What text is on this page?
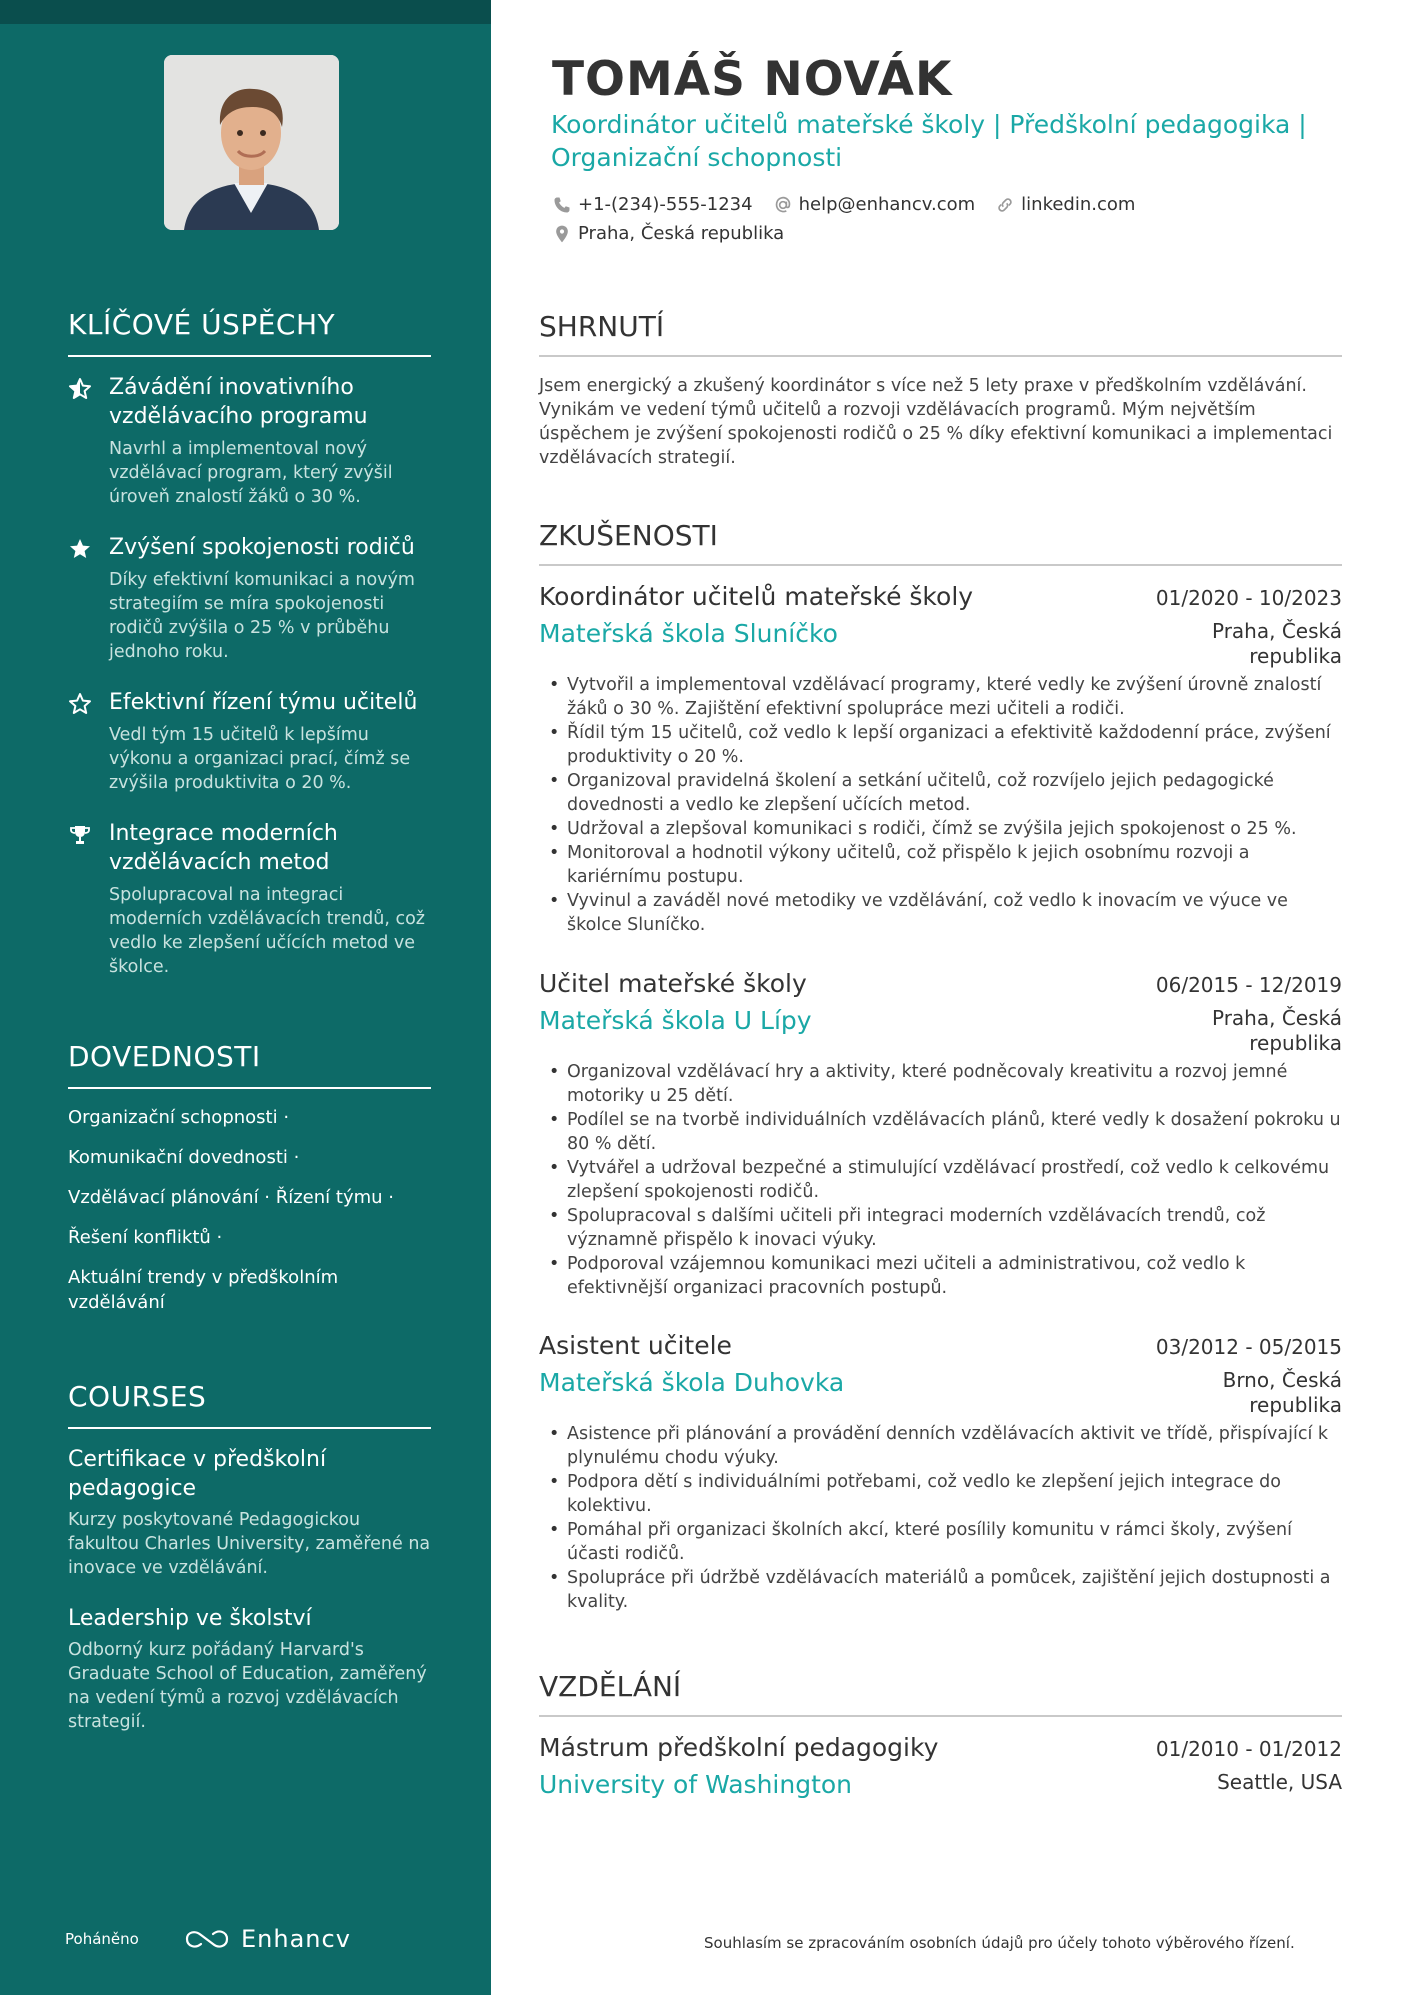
KLÍČOVÉ ÚSPĚCHY
Závádění inovativního vzdělávacího programu
Navrhl a implementoval nový vzdělávací program, který zvýšil úroveň znalostí žáků o 30 %.
Zvýšení spokojenosti rodičů
Díky efektivní komunikaci a novým strategiím se míra spokojenosti rodičů zvýšila o 25 % v průběhu jednoho roku.
Efektivní řízení týmu učitelů
Vedl tým 15 učitelů k lepšímu výkonu a organizaci prací, čímž se zvýšila produktivita o 20 %.
Integrace moderních vzdělávacích metod
Spolupracoval na integraci moderních vzdělávacích trendů, což vedlo ke zlepšení učících metod ve školce.
DOVEDNOSTI
Organizační schopnosti ·
Komunikační dovednosti ·
Vzdělávací plánování · Řízení týmu ·
Řešení konfliktů ·
Aktuální trendy v předškolním vzdělávání
COURSES
Certifikace v předškolní pedagogice
Kurzy poskytované Pedagogickou fakultou Charles University, zaměřené na inovace ve vzdělávání.
Leadership ve školství
Odborný kurz pořádaný Harvard's Graduate School of Education, zaměřený na vedení týmů a rozvoj vzdělávacích strategií.
Poháněno	Enhancv
TOMÁŠ NOVÁK
Koordinátor učitelů mateřské školy | Předškolní pedagogika | Organizační schopnosti
+1-(234)-555-1234	help@enhancv.com	linkedin.com
Praha, Česká republika
SHRNUTÍ
Jsem energický a zkušený koordinátor s více než 5 lety praxe v předškolním vzdělávání. Vynikám ve vedení týmů učitelů a rozvoji vzdělávacích programů. Mým největším úspěchem je zvýšení spokojenosti rodičů o 25 % díky efektivní komunikaci a implementaci vzdělávacích strategií.
ZKUŠENOSTI
Koordinátor učitelů mateřské školy	01/2020 - 10/2023
Mateřská škola Sluníčko	Praha, Česká republika
• Vytvořil a implementoval vzdělávací programy, které vedly ke zvýšení úrovně znalostí žáků o 30 %. Zajištění efektivní spolupráce mezi učiteli a rodiči.
• Řídil tým 15 učitelů, což vedlo k lepší organizaci a efektivitě každodenní práce, zvýšení produktivity o 20 %.
• Organizoval pravidelná školení a setkání učitelů, což rozvíjelo jejich pedagogické dovednosti a vedlo ke zlepšení učících metod.
• Udržoval a zlepšoval komunikaci s rodiči, čímž se zvýšila jejich spokojenost o 25 %.
• Monitoroval a hodnotil výkony učitelů, což přispělo k jejich osobnímu rozvoji a kariérnímu postupu.
• Vyvinul a zaváděl nové metodiky ve vzdělávání, což vedlo k inovacím ve výuce ve školce Sluníčko.
Učitel mateřské školy	06/2015 - 12/2019
Mateřská škola U Lípy	Praha, Česká republika
• Organizoval vzdělávací hry a aktivity, které podněcovaly kreativitu a rozvoj jemné motoriky u 25 dětí.
• Podílel se na tvorbě individuálních vzdělávacích plánů, které vedly k dosažení pokroku u 80 % dětí.
• Vytvářel a udržoval bezpečné a stimulující vzdělávací prostředí, což vedlo k celkovému zlepšení spokojenosti rodičů.
• Spolupracoval s dalšími učiteli při integraci moderních vzdělávacích trendů, což významně přispělo k inovaci výuky.
• Podporoval vzájemnou komunikaci mezi učiteli a administrativou, což vedlo k efektivnější organizaci pracovních postupů.
Asistent učitele	03/2012 - 05/2015
Mateřská škola Duhovka	Brno, Česká republika
• Asistence při plánování a provádění denních vzdělávacích aktivit ve třídě, přispívající k plynulému chodu výuky.
• Podpora dětí s individuálními potřebami, což vedlo ke zlepšení jejich integrace do kolektivu.
• Pomáhal při organizaci školních akcí, které posílily komunitu v rámci školy, zvýšení účasti rodičů.
• Spolupráce při údržbě vzdělávacích materiálů a pomůcek, zajištění jejich dostupnosti a kvality.
VZDĚLÁNÍ
Mástrum předškolní pedagogiky	01/2010 - 01/2012
University of Washington	Seattle, USA
Souhlasím se zpracováním osobních údajů pro účely tohoto výběrového řízení.
